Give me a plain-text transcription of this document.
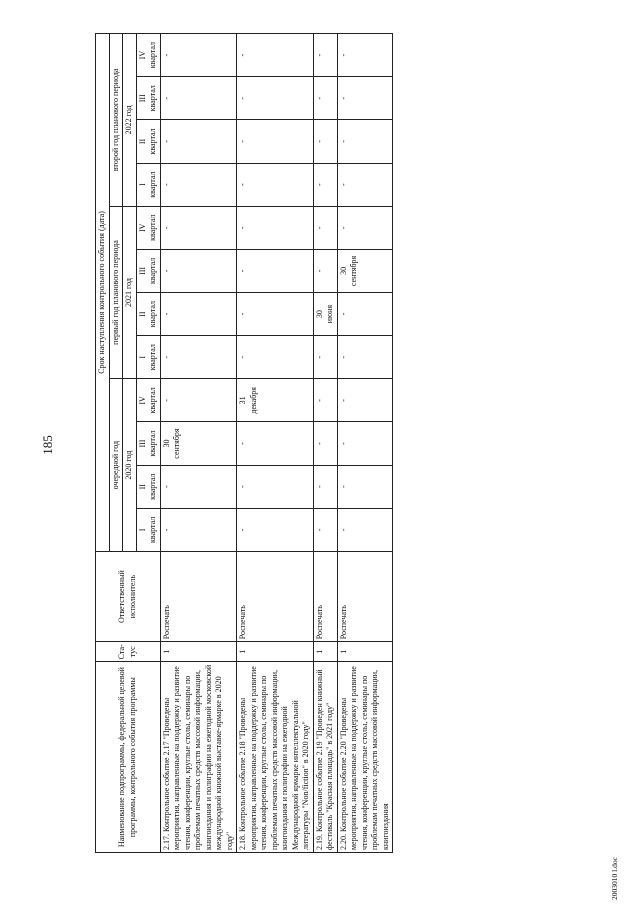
185
Наименование подпрограммы, федеральной целевой программы, контрольного события программы	Ста-тус	Ответственный исполнитель	Срок наступления контрольного события (дата)											
			очередной год				первый год планового периода				второй год планового периода			
			2020 год				2021 год				2022 год			

			I квартал	II квартал	III квартал	IV квартал	I квартал	II квартал	III квартал	IV квартал	I квартал	II квартал	III квартал	IV квартал

2.17. Контрольное событие 2.17 "Проведены мероприятия, направленные на поддержку и развитие чтения, конференции, круглые столы, семинары по проблемам печатных средств массовой информации, книгоиздания и полиграфии на ежегодной московской международной книжной выставке-ярмарке в 2020 году"	1	Роспечать	-	-	30 сентября	-	-	-	-	-	-	-	-	-

2.18. Контрольное событие 2.18 "Проведены мероприятия, направленные на поддержку и развитие чтения, конференции, круглые столы, семинары по проблемам печатных средств массовой информации, книгоиздания и полиграфии на ежегодной Международной ярмарке интеллектуальной литературы "Non/fiction" в 2020 году"	1	Роспечать	-	-	-	31 декабря	-	-	-	-	-	-	-	-

2.19. Контрольное событие 2.19 "Проведен книжный фестиваль "Красная площадь" в 2021 году"	1	Роспечать	-	-	-	-	-	30 июня	-	-	-	-	-	-

2.20. Контрольное событие 2.20 "Проведены мероприятия, направленные на поддержку и развитие чтения, конференции, круглые столы, семинары по проблемам печатных средств массовой информации, книгоиздания	1	Роспечать	-	-	-	-	-	-	30 сентября	-	-	-	-	-
2003010 l.doc
